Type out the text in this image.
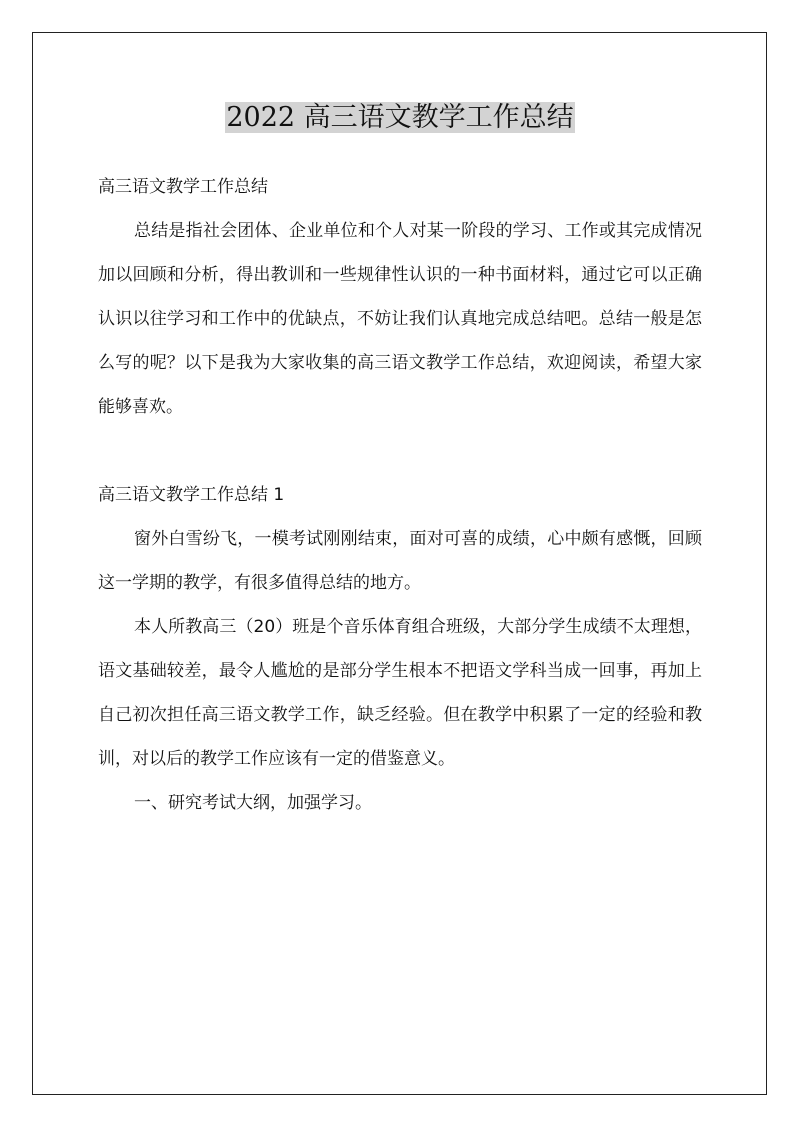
2022 高三语文教学工作总结

高三语文教学工作总结

总结是指社会团体、企业单位和个人对某一阶段的学习、工作或其完成情况加以回顾和分析，得出教训和一些规律性认识的一种书面材料，通过它可以正确认识以往学习和工作中的优缺点，不妨让我们认真地完成总结吧。总结一般是怎么写的呢？以下是我为大家收集的高三语文教学工作总结，欢迎阅读，希望大家能够喜欢。

高三语文教学工作总结 1

窗外白雪纷飞，一模考试刚刚结束，面对可喜的成绩，心中颇有感慨，回顾这一学期的教学，有很多值得总结的地方。

本人所教高三（20）班是个音乐体育组合班级，大部分学生成绩不太理想，语文基础较差，最令人尴尬的是部分学生根本不把语文学科当成一回事，再加上自己初次担任高三语文教学工作，缺乏经验。但在教学中积累了一定的经验和教训，对以后的教学工作应该有一定的借鉴意义。

一、研究考试大纲，加强学习。
